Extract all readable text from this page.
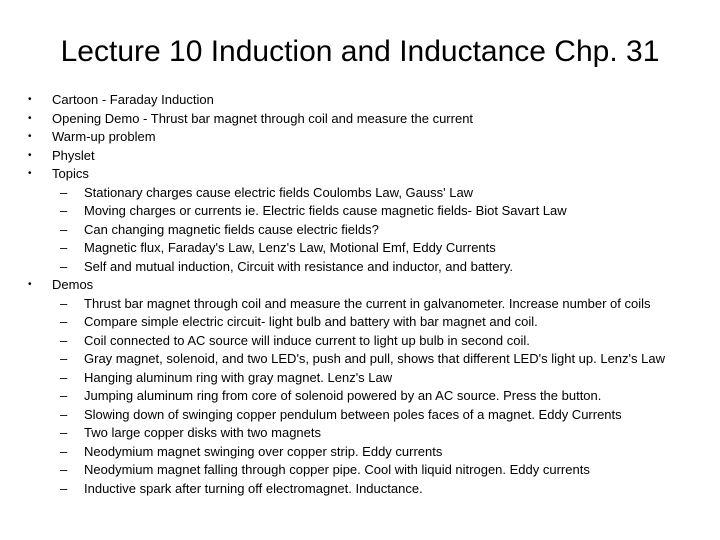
Lecture 10 Induction and Inductance Chp. 31
• Cartoon - Faraday Induction
• Opening Demo - Thrust bar magnet through coil and measure the current
• Warm-up problem
• Physlet
• Topics
– Stationary charges cause electric fields Coulombs Law, Gauss' Law
– Moving charges or currents ie. Electric fields cause magnetic fields- Biot Savart Law
– Can changing magnetic fields cause electric fields?
– Magnetic flux, Faraday's Law, Lenz's Law, Motional Emf, Eddy Currents
– Self and mutual induction, Circuit with resistance and inductor, and battery.
• Demos
– Thrust bar magnet through coil and measure the current in galvanometer. Increase number of coils
– Compare simple electric circuit- light bulb and battery with bar magnet and coil.
– Coil connected to AC source will induce current to light up bulb in second coil.
– Gray magnet, solenoid, and two LED's, push and pull, shows that different LED's light up. Lenz's Law
– Hanging aluminum ring with gray magnet. Lenz's Law
– Jumping aluminum ring from core of solenoid powered by an AC source. Press the button.
– Slowing down of swinging copper pendulum between poles faces of a magnet. Eddy Currents
– Two large copper disks with two magnets
– Neodymium magnet swinging over copper strip. Eddy currents
– Neodymium magnet falling through copper pipe. Cool with liquid nitrogen. Eddy currents
– Inductive spark after turning off electromagnet. Inductance.
